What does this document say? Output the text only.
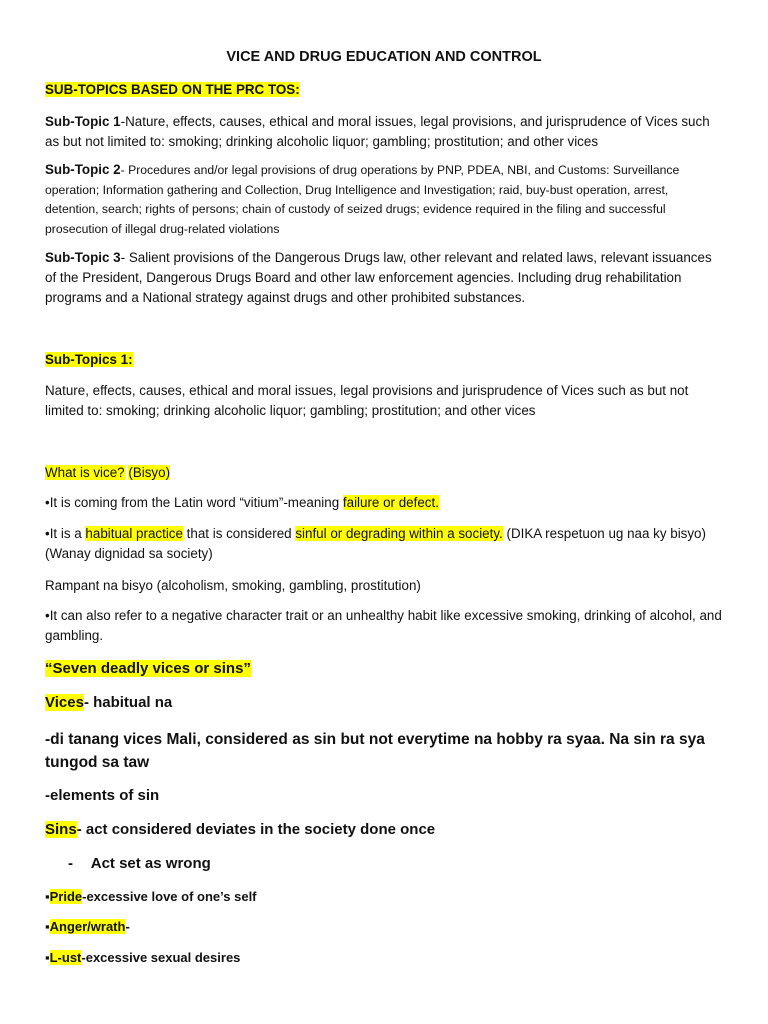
VICE AND DRUG EDUCATION AND CONTROL
SUB-TOPICS BASED ON THE PRC TOS:
Sub-Topic 1-Nature, effects, causes, ethical and moral issues, legal provisions, and jurisprudence of Vices such as but not limited to: smoking; drinking alcoholic liquor; gambling; prostitution; and other vices
Sub-Topic 2- Procedures and/or legal provisions of drug operations by PNP, PDEA, NBI, and Customs: Surveillance operation; Information gathering and Collection, Drug Intelligence and Investigation; raid, buy-bust operation, arrest, detention, search; rights of persons; chain of custody of seized drugs; evidence required in the filing and successful prosecution of illegal drug-related violations
Sub-Topic 3- Salient provisions of the Dangerous Drugs law, other relevant and related laws, relevant issuances of the President, Dangerous Drugs Board and other law enforcement agencies. Including drug rehabilitation programs and a National strategy against drugs and other prohibited substances.
Sub-Topics 1:
Nature, effects, causes, ethical and moral issues, legal provisions and jurisprudence of Vices such as but not limited to: smoking; drinking alcoholic liquor; gambling; prostitution; and other vices
What is vice? (Bisyo)
•It is coming from the Latin word “vitium”-meaning failure or defect.
•It is a habitual practice that is considered sinful or degrading within a society. (DIKA respetuon ug naa ky bisyo) (Wanay dignidad sa society)
Rampant na bisyo (alcoholism, smoking, gambling, prostitution)
•It can also refer to a negative character trait or an unhealthy habit like excessive smoking, drinking of alcohol, and gambling.
“Seven deadly vices or sins”
Vices- habitual na
-di tanang vices Mali, considered as sin but not everytime na hobby ra syaa. Na sin ra sya tungod sa taw
-elements of sin
Sins- act considered deviates in the society done once
- Act set as wrong
▪Pride-excessive love of one’s self
▪Anger/wrath-
▪L-ust-excessive sexual desires
